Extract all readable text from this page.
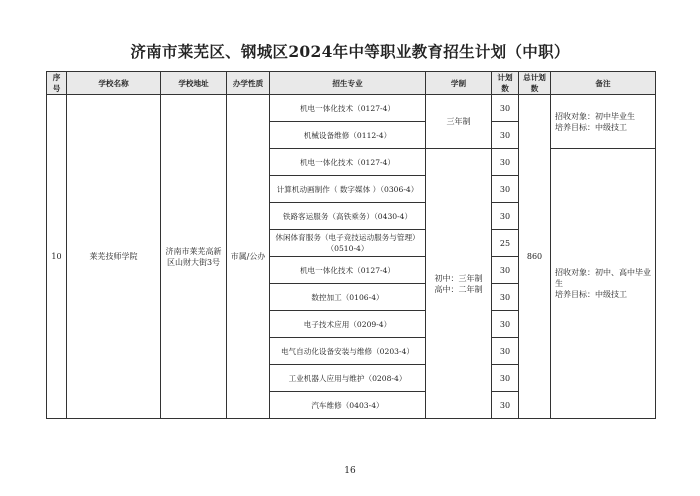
济南市莱芜区、钢城区2024年中等职业教育招生计划（中职）
序号	学校名称	学校地址	办学性质	招生专业	学制	计划数	总计划数	备注
10	莱芜技师学院	济南市莱芜高新区山财大街3号	市属/公办	机电一体化技术（0127-4）	三年制	30	860	招收对象：初中毕业生
培养目标：中级技工

				机械设备维修（0112-4）		30		
				机电一体化技术（0127-4）	初中：三年制
高中：二年制	30		招收对象：初中、高中毕业生
培养目标：中级技工

				计算机动画制作（ 数字媒体 ）（0306-4）		30		
				铁路客运服务（高铁乘务）（0430-4）		30		
				休闲体育服务（电子竞技运动服务与管理）（0510-4）		25		
				机电一体化技术（0127-4）		30		
				数控加工（0106-4）		30		
				电子技术应用（0209-4）		30		
				电气自动化设备安装与维修（0203-4）		30		
				工业机器人应用与维护（0208-4）		30		
				汽车维修（0403-4）		30		
16
